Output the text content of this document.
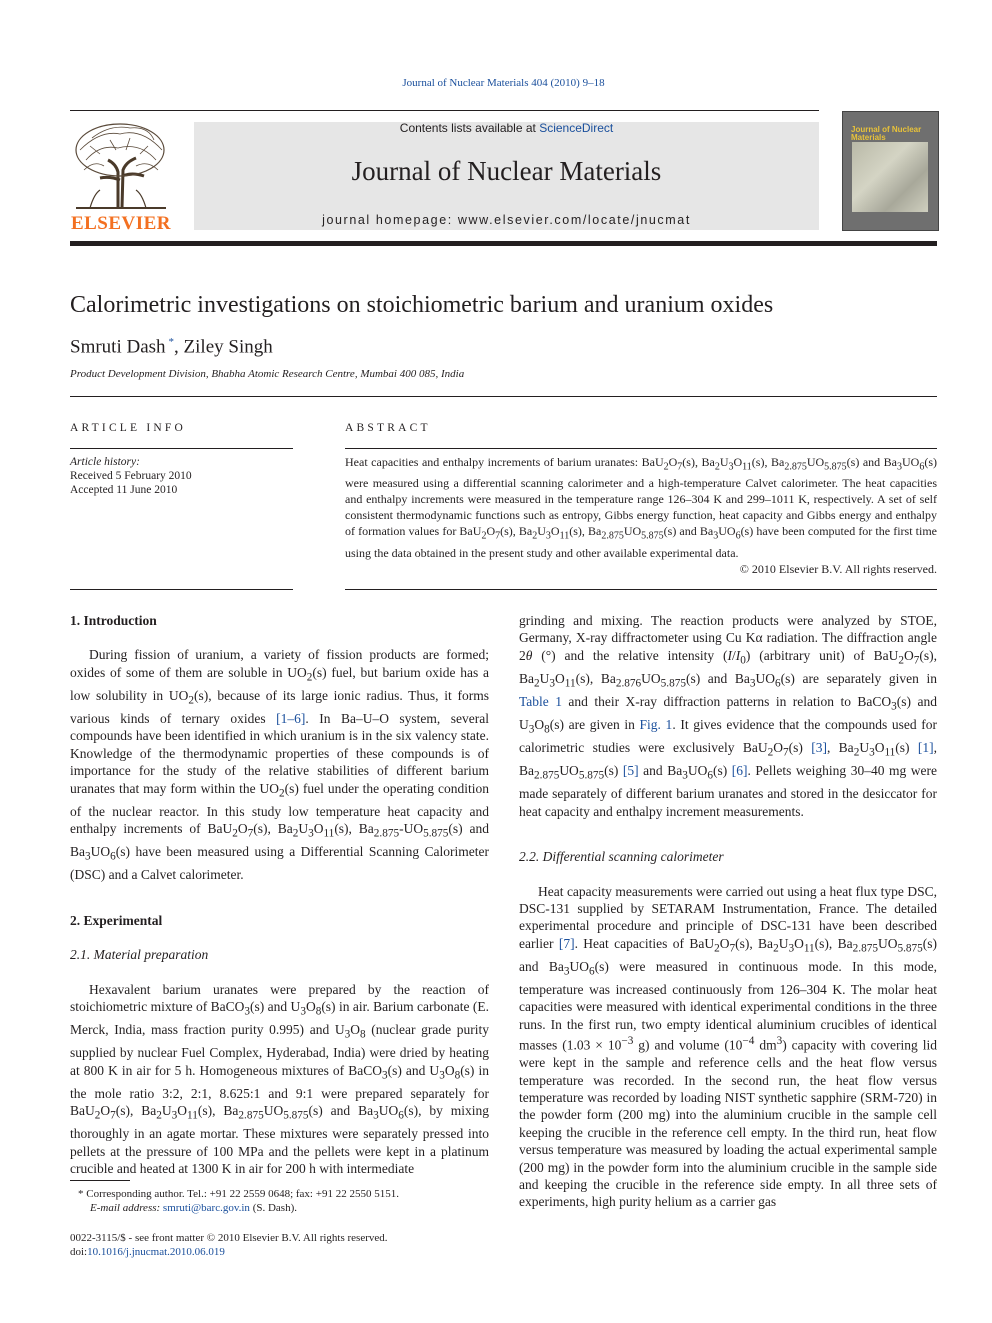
Journal of Nuclear Materials 404 (2010) 9–18
ELSEVIER
Contents lists available at ScienceDirect
Journal of Nuclear Materials
journal homepage: www.elsevier.com/locate/jnucmat
Journal of Nuclear Materials
Calorimetric investigations on stoichiometric barium and uranium oxides
Smruti Dash *, Ziley Singh
Product Development Division, Bhabha Atomic Research Centre, Mumbai 400 085, India
ARTICLE INFO
Article history:
Received 5 February 2010
Accepted 11 June 2010
ABSTRACT
Heat capacities and enthalpy increments of barium uranates: $BaU_2O_7(s)$, $Ba_2U_3O_{11}(s)$, $Ba_{2.875}UO_{5.875}(s)$ and $Ba_3UO_6(s)$ were measured using a differential scanning calorimeter and a high-temperature Calvet calorimeter. The heat capacities and enthalpy increments were measured in the temperature range 126–304 K and 299–1011 K, respectively. A set of self consistent thermodynamic functions such as entropy, Gibbs energy function, heat capacity and Gibbs energy and enthalpy of formation values for $BaU_2O_7(s)$, $Ba_2U_3O_{11}(s)$, $Ba_{2.875}UO_{5.875}(s)$ and $Ba_3UO_6(s)$ have been computed for the first time using the data obtained in the present study and other available experimental data.
© 2010 Elsevier B.V. All rights reserved.

1. Introduction

During fission of uranium, a variety of fission products are formed; oxides of some of them are soluble in $UO_2(s)$ fuel, but barium oxide has a low solubility in $UO_2(s)$, because of its large ionic radius. Thus, it forms various kinds of ternary oxides [1–6]. In Ba–U–O system, several compounds have been identified in which uranium is in the six valency state. Knowledge of the thermodynamic properties of these compounds is of importance for the study of the relative stabilities of different barium uranates that may form within the $UO_2(s)$ fuel under the operating condition of the nuclear reactor. In this study low temperature heat capacity and enthalpy increments of $BaU_2O_7(s)$, $Ba_2U_3O_{11}(s)$, $Ba_{2.875}-UO_{5.875}(s)$ and $Ba_3UO_6(s)$ have been measured using a Differential Scanning Calorimeter (DSC) and a Calvet calorimeter.

2. Experimental

2.1. Material preparation

Hexavalent barium uranates were prepared by the reaction of stoichiometric mixture of BaCO$_3$(s) and $U_3O_8(s)$ in air. Barium carbonate (E. Merck, India, mass fraction purity 0.995) and $U_3O_8$ (nuclear grade purity supplied by nuclear Fuel Complex, Hyderabad, India) were dried by heating at 800 K in air for 5 h. Homogeneous mixtures of BaCO$_3$(s) and $U_3O_8(s)$ in the mole ratio 3:2, 2:1, 8.625:1 and 9:1 were prepared separately for $BaU_2O_7(s)$, $Ba_2U_3O_{11}(s)$, $Ba_{2.875}UO_{5.875}(s)$ and $Ba_3UO_6(s)$, by mixing thoroughly in an agate mortar. These mixtures were separately pressed into pellets at the pressure of 100 MPa and the pellets were kept in a platinum crucible and heated at 1300 K in air for 200 h with intermediate

* Corresponding author. Tel.: +91 22 2559 0648; fax: +91 22 2550 5151.
E-mail address: smruti@barc.gov.in (S. Dash).
0022-3115/$ - see front matter © 2010 Elsevier B.V. All rights reserved.
doi:10.1016/j.jnucmat.2010.06.019

grinding and mixing. The reaction products were analyzed by STOE, Germany, X-ray diffractometer using Cu Kα radiation. The diffraction angle 2θ (°) and the relative intensity $(I/I_0)$ (arbitrary unit) of $BaU_2O_7(s)$, $Ba_2U_3O_{11}(s)$, $Ba_{2.876}UO_{5.875}(s)$ and $Ba_3UO_6(s)$ are separately given in Table 1 and their X-ray diffraction patterns in relation to BaCO$_3$(s) and $U_3O_8(s)$ are given in Fig. 1. It gives evidence that the compounds used for calorimetric studies were exclusively $BaU_2O_7(s)$ [3], $Ba_2U_3O_{11}(s)$ [1], $Ba_{2.875}UO_{5.875}(s)$ [5] and $Ba_3UO_6(s)$ [6]. Pellets weighing 30–40 mg were made separately of different barium uranates and stored in the desiccator for heat capacity and enthalpy increment measurements.

2.2. Differential scanning calorimeter

Heat capacity measurements were carried out using a heat flux type DSC, DSC-131 supplied by SETARAM Instrumentation, France. The detailed experimental procedure and principle of DSC-131 have been described earlier [7]. Heat capacities of $BaU_2O_7(s)$, $Ba_2U_3O_{11}(s)$, $Ba_{2.875}UO_{5.875}(s)$ and $Ba_3UO_6(s)$ were measured in continuous mode. In this mode, temperature was increased continuously from 126–304 K. The molar heat capacities were measured with identical experimental conditions in the three runs. In the first run, two empty identical aluminium crucibles of identical masses ($1.03 \times 10^{-3}$ g) and volume ($10^{-4}$ $dm^3$) capacity with covering lid were kept in the sample and reference cells and the heat flow versus temperature was recorded. In the second run, the heat flow versus temperature was recorded by loading NIST synthetic sapphire (SRM-720) in the powder form (200 mg) into the aluminium crucible in the sample cell keeping the crucible in the reference cell empty. In the third run, heat flow versus temperature was measured by loading the actual experimental sample (200 mg) in the powder form into the aluminium crucible in the sample side and keeping the crucible in the reference side empty. In all three sets of experiments, high purity helium as a carrier gas
